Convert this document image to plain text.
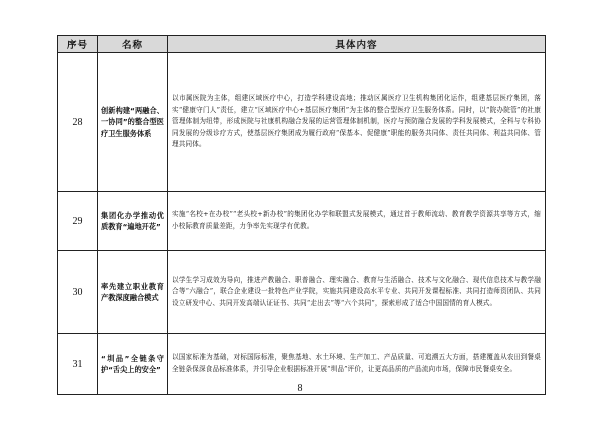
序号	名称	具体内容
28	创新构建“两融合、一协同”的整合型医疗卫生服务体系	以市属医院为主体，组建区域医疗中心，打造学科建设高地；推动区属医疗卫生机构集团化运作，组建基层医疗集团，落实“健康守门人”责任，建立“区域医疗中心+基层医疗集团”为主体的整合型医疗卫生服务体系。同时，以“院办院管”的社康管理体制为纽带，形成医院与社康机构融合发展的运营管理体制机制，医疗与预防融合发展的学科发展模式，全科与专科协同发展的分级诊疗方式，使基层医疗集团成为履行政府“保基本、促健康”职能的服务共同体、责任共同体、利益共同体、管理共同体。
29	集团化办学推动优质教育“遍地开花”	实施“名校+在办校”“老头校+新办校”的集团化办学和联盟式发展模式，通过首于教师流动、教育教学资源共享等方式，缩小校际教育质量差距，力争率先实现学有优教。
30	率先建立职业教育产教深度融合模式	以学生学习成效为导向，推进产教融合、职普融合、理实融合、教育与生活融合、技术与文化融合、现代信息技术与教学融合等“六融合”，联合企业建设一批特色产业学院，实施共同建设高水平专业、共同开发课程标准、共同打造师资团队、共同设立研发中心、共同开发高端认证证书、共同“走出去”等“六个共同”，探索形成了适合中国国情的育人模式。
31	“圳品”全链条守护“舌尖上的安全”	以国家标准为基础，对标国际标准，聚焦基地、水土环境、生产加工、产品质量、可追溯五大方面，搭建覆盖从农田到餐桌全链条保深食品标准体系，并引导企业根据标准开展“圳品”评价，让更高品质的产品流向市场，保障市民餐桌安全。
8
